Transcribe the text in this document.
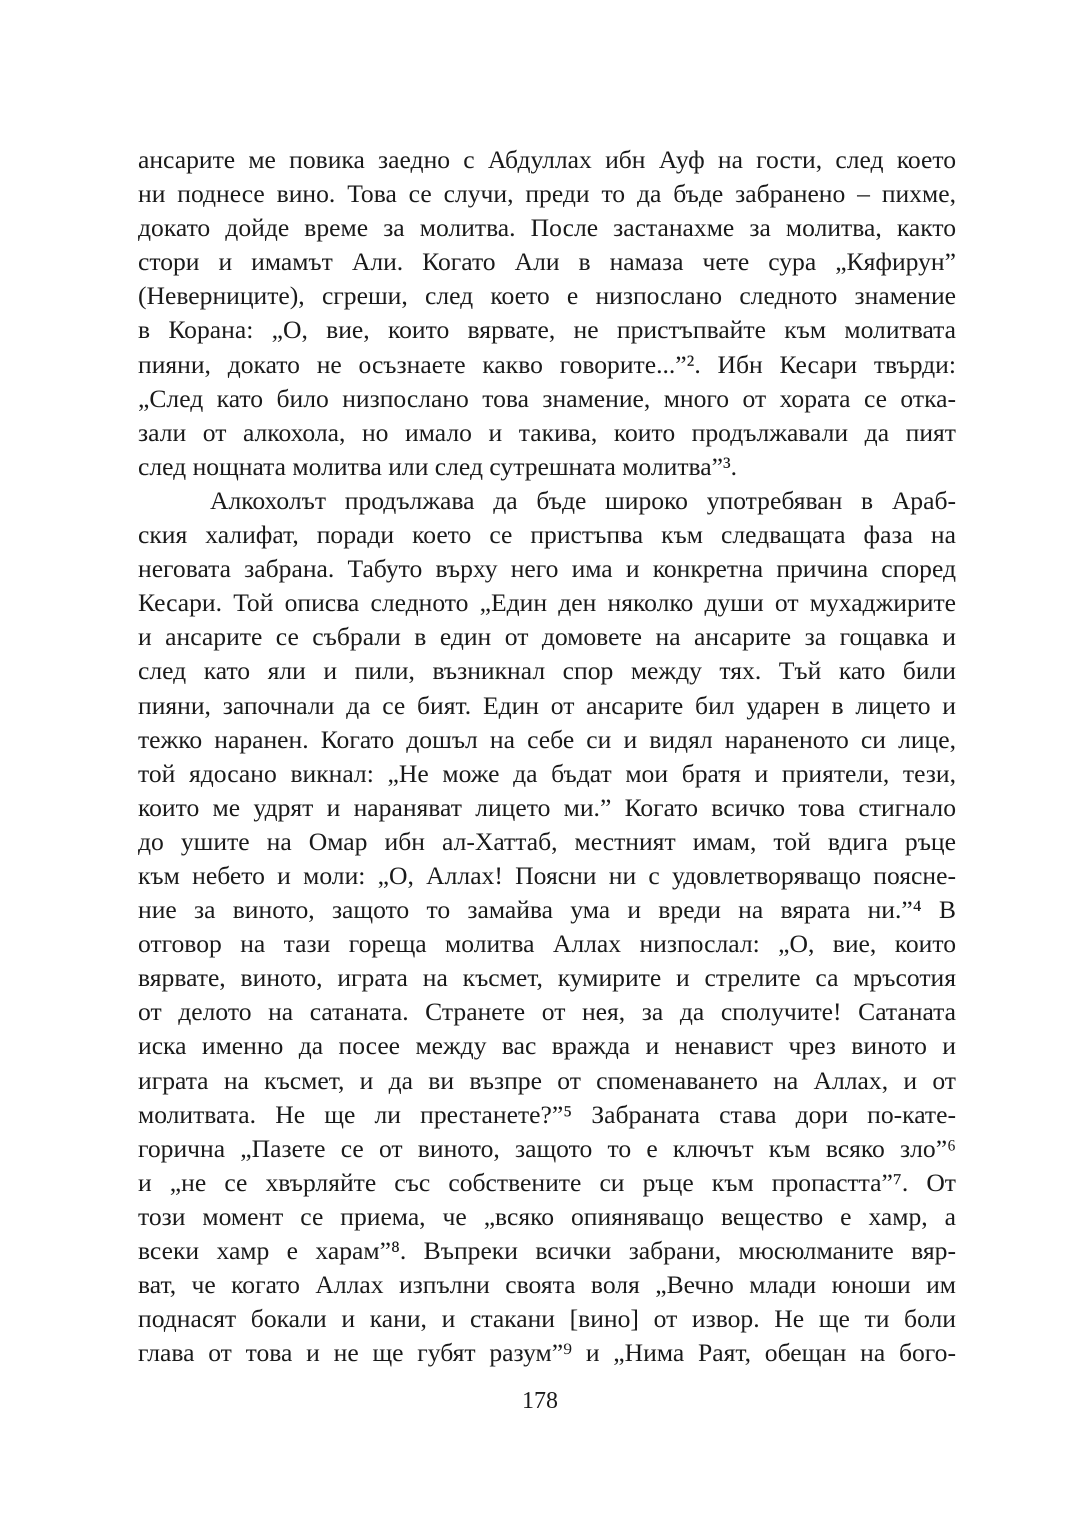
ансарите ме повика заедно с Абдуллах ибн Ауф на гости, след което
ни поднесе вино. Това се случи, преди то да бъде забранено – пихме,
докато дойде време за молитва. После застанахме за молитва, както
стори и имамът Али. Когато Али в намаза чете сура „Кяфирун”
(Неверниците), сгреши, след което е низпослано следното знамение
в Корана: „О, вие, които вярвате, не пристъпвайте към молитвата
пияни, докато не осъзнаете какво говорите...”². Ибн Кесари твърди:
„След като било низпослано това знамение, много от хората се отка-
зали от алкохола, но имало и такива, които продължавали да пият
след нощната молитва или след сутрешната молитва”³.
Алкохолът продължава да бъде широко употребяван в Араб-
ския халифат, поради което се пристъпва към следващата фаза на
неговата забрана. Табуто върху него има и конкретна причина според
Кесари. Той описва следното „Един ден няколко души от мухаджирите
и ансарите се събрали в един от домовете на ансарите за гощавка и
след като яли и пили, възникнал спор между тях. Тъй като били
пияни, започнали да се бият. Един от ансарите бил ударен в лицето и
тежко наранен. Когато дошъл на себе си и видял нараненото си лице,
той ядосано викнал: „Не може да бъдат мои братя и приятели, тези,
които ме удрят и нараняват лицето ми.” Когато всичко това стигнало
до ушите на Омар ибн ал-Хаттаб, местният имам, той вдига ръце
към небето и моли: „О, Аллах! Поясни ни с удовлетворяващо поясне-
ние за виното, защото то замайва ума и вреди на вярата ни.”⁴ В
отговор на тази гореща молитва Аллах низпослал: „О, вие, които
вярвате, виното, играта на късмет, кумирите и стрелите са мръсотия
от делото на сатаната. Странете от нея, за да сполучите! Сатаната
иска именно да посее между вас вражда и ненавист чрез виното и
играта на късмет, и да ви възпре от споменаването на Аллах, и от
молитвата. Не ще ли престанете?”⁵ Забраната става дори по-кате-
горична „Пазете се от виното, защото то е ключът към всяко зло”⁶
и „не се хвърляйте със собствените си ръце към пропастта”⁷. От
този момент се приема, че „всяко опияняващо вещество е хамр, а
всеки хамр е харам”⁸. Въпреки всички забрани, мюсюлманите вяр-
ват, че когато Аллах изпълни своята воля „Вечно млади юноши им
поднасят бокали и кани, и стакани [вино] от извор. Не ще ти боли
глава от това и не ще губят разум”⁹ и „Нима Раят, обещан на бого-
178
